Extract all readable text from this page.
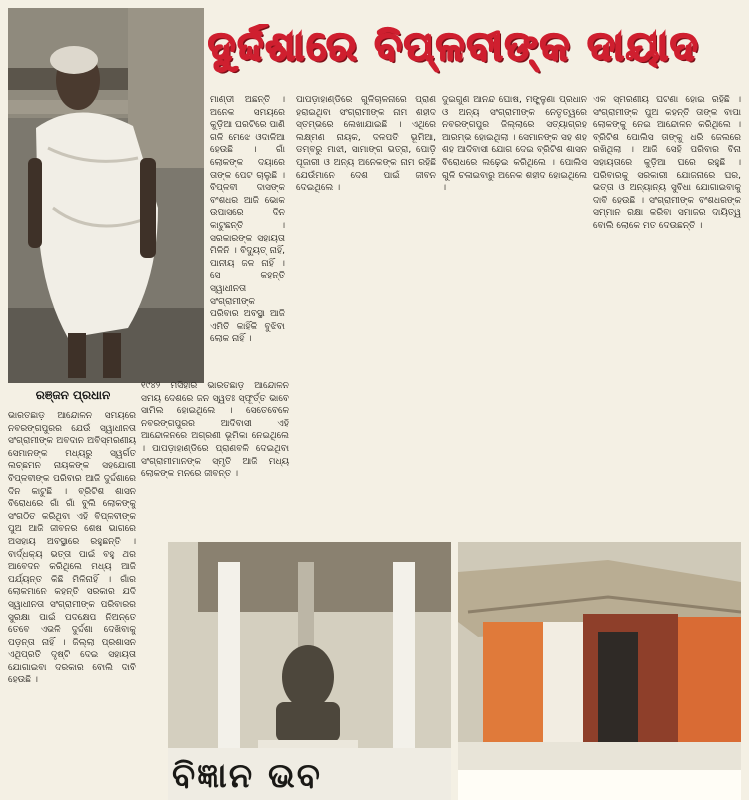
ଦୁର୍ଦ୍ଦଶାରେ ବିପ୍ଳବୀଙ୍କ ଦାୟାଦ
ରଞ୍ଜନ ପ୍ରଧାନ
ମାଣ୍ଡୀ ଅଛନ୍ତି । ଅନେକ ସମୟରେ କୁଡ଼ିଆ ଘରଟିରେ ପାଣି ଗଳି ମେଝେ ଓଦାଳିଆ ହେଉଛି । ଗାଁ ଲୋକଙ୍କ ଦୟାରେ ତାଙ୍କ ପେଟ ଚାଲୁଛି । ବିପ୍ଳବୀ ଦାସଙ୍କ ବଂଶଧର ଆଜି ଭୋକ ଉପାସରେ ଦିନ କାଟୁଛନ୍ତି । ସରକାରଙ୍କ ସହାୟତା ମିଳିନି । ବିଦ୍ୟୁତ୍ ନାହିଁ, ପାନୀୟ ଜଳ ନାହିଁ । ସେ କହନ୍ତି ସ୍ୱାଧୀନତା ସଂଗ୍ରାମୀଙ୍କ ପରିବାର ଅବସ୍ଥା ଆଜି ଏମିତି କାହିଁକି ବୁଝିବା ଲୋକ ନାହିଁ ।
ଭାରତଛାଡ଼ ଆନ୍ଦୋଳନ ସମୟରେ ନବରଙ୍ଗପୁରର ଯେଉଁ ସ୍ୱାଧୀନତା ସଂଗ୍ରାମୀଙ୍କ ଅବଦାନ ଅବିସ୍ମରଣୀୟ ସେମାନଙ୍କ ମଧ୍ୟରୁ ସ୍ୱର୍ଗତ ଲଚ୍ଛମନ ନାୟକଙ୍କ ସହଯୋଗୀ ବିପ୍ଳବୀଙ୍କ ପରିବାର ଆଜି ଦୁର୍ଦ୍ଦଶାରେ ଦିନ କାଟୁଛି । ବ୍ରିଟିଶ ଶାସନ ବିରୋଧରେ ଗାଁ ଗାଁ ବୁଲି ଲୋକଙ୍କୁ ସଂଗଠିତ କରିଥିବା ଏହି ବିପ୍ଳବୀଙ୍କ ପୁଅ ଆଜି ଜୀବନର ଶେଷ ଭାଗରେ ଅସହାୟ ଅବସ୍ଥାରେ ରହୁଛନ୍ତି । ବାର୍ଦ୍ଧକ୍ୟ ଭତ୍ତା ପାଇଁ ବହୁ ଥର ଆବେଦନ କରିଥିଲେ ମଧ୍ୟ ଆଜି ପର୍ଯ୍ୟନ୍ତ କିଛି ମିଳିନାହିଁ । ଗାଁର ଲୋକମାନେ କହନ୍ତି ସରକାର ଯଦି ସ୍ୱାଧୀନତା ସଂଗ୍ରାମୀଙ୍କ ପରିବାରର ସୁରକ୍ଷା ପାଇଁ ପଦକ୍ଷେପ ନିଅନ୍ତେ ତେବେ ଏଭଳି ଦୁର୍ଦ୍ଦଶା ଦେଖିବାକୁ ପଡ଼ନ୍ତା ନାହିଁ । ଜିଲ୍ଲା ପ୍ରଶାସନ ଏଥିପ୍ରତି ଦୃଷ୍ଟି ଦେଇ ସହାୟତା ଯୋଗାଇବା ଦରକାର ବୋଲି ଦାବି ହେଉଛି ।
୧୯୪୨ ମସିହାର ଭାରତଛାଡ଼ ଆନ୍ଦୋଳନ ସମୟ ଦେଶରେ ଜନ ସ୍ୱତଃ ସ୍ଫୂର୍ତ୍ତ ଭାବେ ସାମିଲ ହୋଇଥିଲେ । ସେତେବେଳେ ନବରଙ୍ଗପୁରର ଆଦିବାସୀ ଏହି ଆନ୍ଦୋଳନରେ ଅଗ୍ରଣୀ ଭୂମିକା ନେଇଥିଲେ । ପାପଡ଼ାହାଣ୍ଡିରେ ପ୍ରାଣବଳି ଦେଇଥିବା ସଂଗ୍ରାମୀମାନଙ୍କ ସ୍ମୃତି ଆଜି ମଧ୍ୟ ଲୋକଙ୍କ ମନରେ ଜୀବନ୍ତ ।
ପାପଡ଼ାହାଣ୍ଡିରେ ଗୁଳିଚାଳନାରେ ପ୍ରାଣ ହରାଇଥିବା ସଂଗ୍ରାମୀଙ୍କ ନାମ ଶହୀଦ ସ୍ତମ୍ଭରେ ଲେଖାଯାଇଛି । ଏଥିରେ ଲକ୍ଷ୍ମଣ ନାୟକ, ଦଳପତି ଭୂମିଆ, ଡମ୍ବରୁ ମାଝୀ, ସାମାଙ୍ଗ ଭତ୍ରା, ପୋଡ଼ି ପୂଜାରୀ ଓ ଅନ୍ୟ ଅନେକଙ୍କ ନାମ ରହିଛି ଯେଉଁମାନେ ଦେଶ ପାଇଁ ଜୀବନ ଦେଇଥିଲେ ।
ଦୁଇଗୁଣ ଆନନ୍ଦ ଘୋଷ, ମଙ୍ଗ୍ଳୁଣା ପ୍ରଧାନ ଓ ଅନ୍ୟ ସଂଗ୍ରାମୀଙ୍କ ନେତୃତ୍ୱରେ ନବରଙ୍ଗପୁର ଜିଲ୍ଲାରେ ସତ୍ୟାଗ୍ରହ ଆରମ୍ଭ ହୋଇଥିଲା । ସେମାନଙ୍କ ସହ ଶହ ଶହ ଆଦିବାସୀ ଯୋଗ ଦେଇ ବ୍ରିଟିଶ ଶାସନ ବିରୋଧରେ ଲଢ଼େଇ କରିଥିଲେ । ପୋଲିସ ଗୁଳି ଚଳାଇବାରୁ ଅନେକ ଶହୀଦ ହୋଇଥିଲେ ।
ଏକ ସ୍ମରଣୀୟ ଘଟଣା ହୋଇ ରହିଛି । ସଂଗ୍ରାମୀଙ୍କ ପୁଅ କହନ୍ତି ତାଙ୍କ ବାପା ଲୋକଙ୍କୁ ନେଇ ଆନ୍ଦୋଳନ କରିଥିଲେ । ବ୍ରିଟିଶ ପୋଲିସ ତାଙ୍କୁ ଧରି ଜେଲରେ ରଖିଥିଲା । ଆଜି ସେହି ପରିବାର ବିନା ସହାୟତାରେ କୁଡ଼ିଆ ଘରେ ରହୁଛି । ପରିବାରକୁ ସରକାରୀ ଯୋଜନାରେ ଘର, ଭତ୍ତା ଓ ଅନ୍ୟାନ୍ୟ ସୁବିଧା ଯୋଗାଇବାକୁ ଦାବି ହେଉଛି । ସଂଗ୍ରାମୀଙ୍କ ବଂଶଧରଙ୍କ ସମ୍ମାନ ରକ୍ଷା କରିବା ସମାଜର ଦାୟିତ୍ୱ ବୋଲି ଲୋକେ ମତ ଦେଉଛନ୍ତି ।
ବିଜ୍ଞାନ ଭବ
